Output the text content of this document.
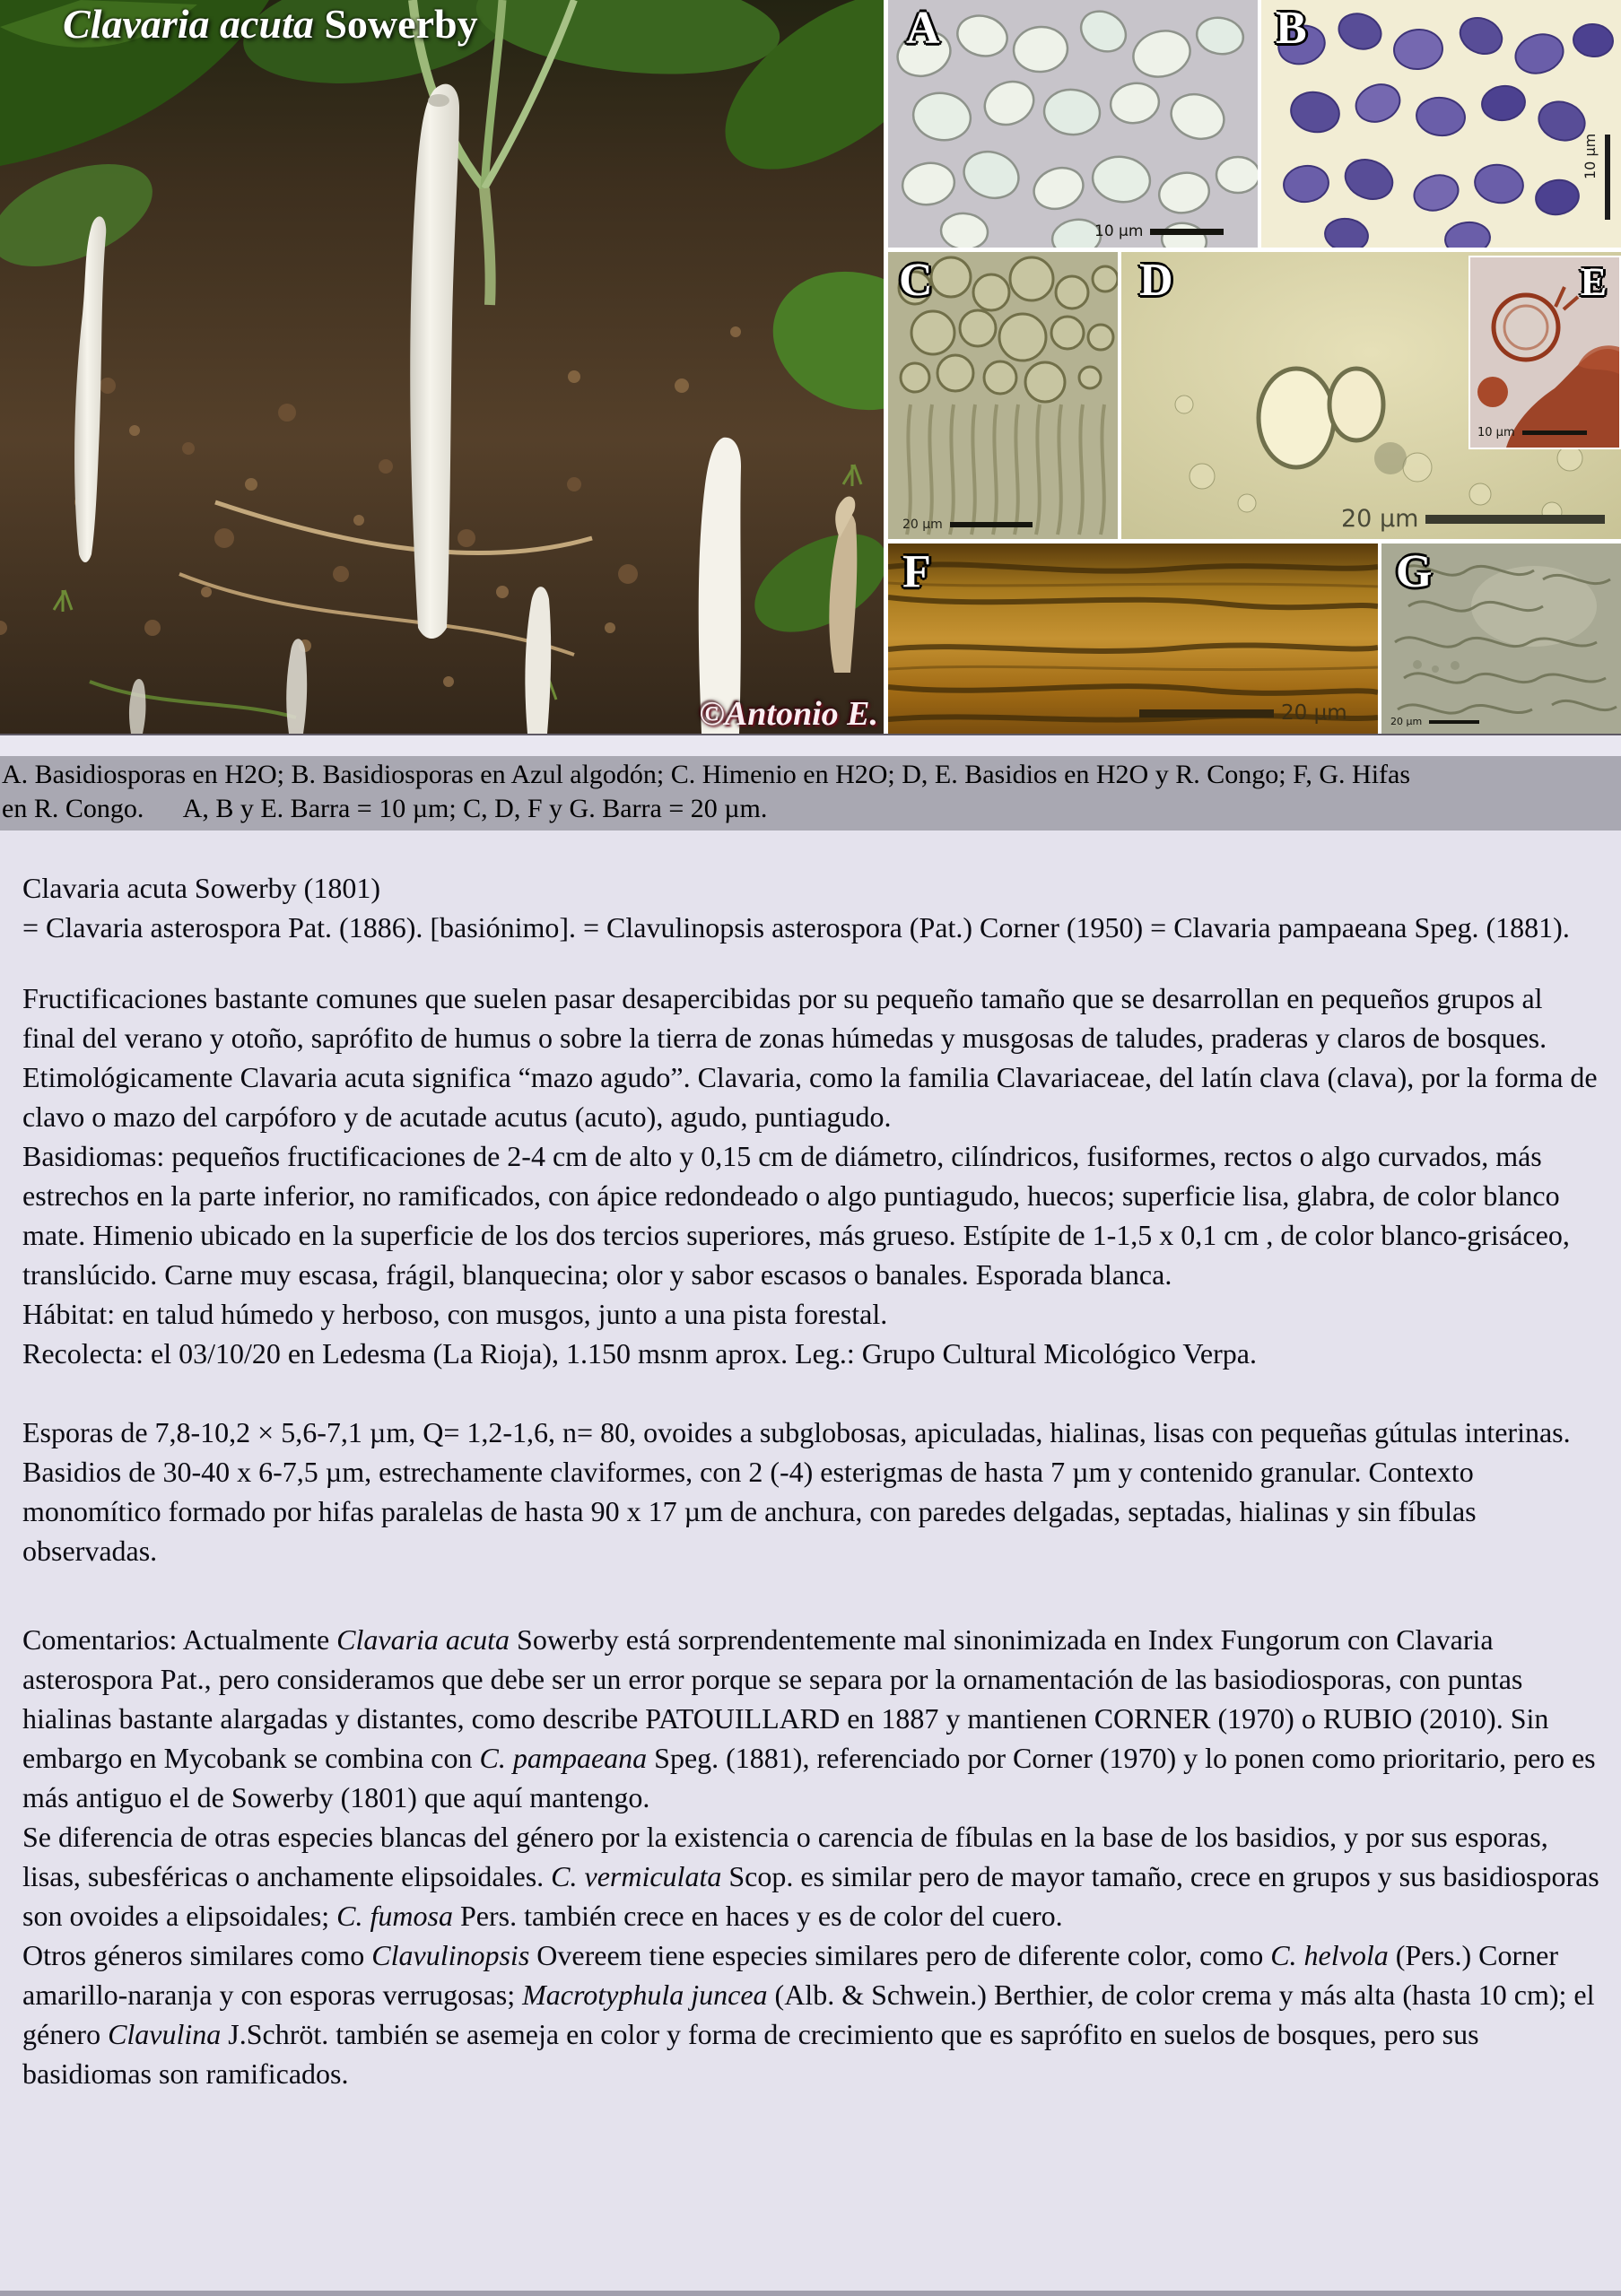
Clavaria acuta Sowerby
©Antonio E.
A
10 µm
10 µm
B
C
20 µm
D
20 µm
E
10 µm
F
20 µm
G
20 µm
A. Basidiosporas en H2O; B. Basidiosporas en Azul algodón; C. Himenio en H2O; D, E. Basidios en H2O y R. Congo; F, G. Hifas
en R. Congo.      A, B y E. Barra = 10 µm; C, D, F y G. Barra = 20 µm.

Clavaria acuta Sowerby (1801)

= Clavaria asterospora Pat. (1886). [basiónimo]. = Clavulinopsis asterospora (Pat.) Corner (1950) = Clavaria pampaeana Speg. (1881).

Fructificaciones bastante comunes que suelen pasar desapercibidas por su pequeño tamaño que se desarrollan en pequeños grupos al final del verano y otoño, saprófito de humus o sobre la tierra de zonas húmedas y musgosas de taludes, praderas y claros de bosques.

Etimológicamente Clavaria acuta significa “mazo agudo”. Clavaria, como la familia Clavariaceae, del latín clava (clava), por la forma de clavo o mazo del carpóforo y de acutade acutus (acuto), agudo, puntiagudo.

Basidiomas: pequeños fructificaciones de 2-4 cm de alto y 0,15 cm de diámetro, cilíndricos, fusiformes, rectos o algo curvados, más estrechos en la parte inferior, no ramificados, con ápice redondeado o algo puntiagudo, huecos; superficie lisa, glabra, de color blanco mate. Himenio ubicado en la superficie de los dos tercios superiores, más grueso. Estípite de 1-1,5 x 0,1 cm , de color blanco-grisáceo, translúcido. Carne muy escasa, frágil, blanquecina; olor y sabor escasos o banales. Esporada blanca.

Hábitat: en talud húmedo y herboso, con musgos, junto a una pista forestal.

Recolecta: el 03/10/20 en Ledesma (La Rioja), 1.150 msnm aprox. Leg.: Grupo Cultural Micológico Verpa.

Esporas de 7,8-10,2 × 5,6-7,1 µm, Q= 1,2-1,6, n= 80, ovoides a subglobosas, apiculadas, hialinas, lisas con pequeñas gútulas interinas. Basidios de 30-40 x 6-7,5 µm, estrechamente claviformes, con 2 (-4) esterigmas de hasta 7 µm y contenido granular. Contexto monomítico formado por hifas paralelas de hasta 90 x 17 µm de anchura, con paredes delgadas, septadas, hialinas y sin fíbulas observadas.

Comentarios: Actualmente Clavaria acuta Sowerby está sorprendentemente mal sinonimizada en Index Fungorum con Clavaria asterospora Pat., pero consideramos que debe ser un error porque se separa por la ornamentación de las basiodiosporas, con puntas hialinas bastante alargadas y distantes, como describe PATOUILLARD en 1887 y mantienen CORNER (1970) o RUBIO (2010). Sin embargo en Mycobank se combina con C. pampaeana Speg. (1881), referenciado por Corner (1970) y lo ponen como prioritario, pero es más antiguo el de Sowerby (1801) que aquí mantengo.

Se diferencia de otras especies blancas del género por la existencia o carencia de fíbulas en la base de los basidios, y por sus esporas, lisas, subesféricas o anchamente elipsoidales. C. vermiculata Scop. es similar pero de mayor tamaño, crece en grupos y sus basidiosporas son ovoides a elipsoidales; C. fumosa Pers. también crece en haces y es de color del cuero.

Otros géneros similares como Clavulinopsis Overeem tiene especies similares pero de diferente color, como C. helvola (Pers.) Corner amarillo-naranja y con esporas verrugosas; Macrotyphula juncea (Alb. & Schwein.) Berthier, de color crema y más alta (hasta 10 cm); el género Clavulina J.Schröt. también se asemeja en color y forma de crecimiento que es saprófito en suelos de bosques, pero sus basidiomas son ramificados.
